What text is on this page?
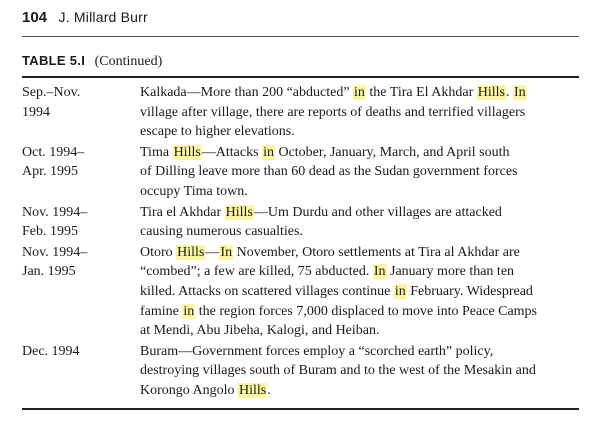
104 J. Millard Burr
TABLE 5.I (Continued)
Sep.–Nov.
1994
Kalkada—More than 200 “abducted” in the Tira El Akhdar Hills. In
village after village, there are reports of deaths and terrified villagers
escape to higher elevations.
Oct. 1994–
Apr. 1995
Tima Hills—Attacks in October, January, March, and April south
of Dilling leave more than 60 dead as the Sudan government forces
occupy Tima town.
Nov. 1994–
Feb. 1995
Tira el Akhdar Hills—Um Durdu and other villages are attacked
causing numerous casualties.
Nov. 1994–
Jan. 1995
Otoro Hills—In November, Otoro settlements at Tira al Akhdar are
“combed”; a few are killed, 75 abducted. In January more than ten
killed. Attacks on scattered villages continue in February. Widespread
famine in the region forces 7,000 displaced to move into Peace Camps
at Mendi, Abu Jibeha, Kalogi, and Heiban.
Dec. 1994	Buram—Government forces employ a “scorched earth” policy,
destroying villages south of Buram and to the west of the Mesakin and
Korongo Angolo Hills.
